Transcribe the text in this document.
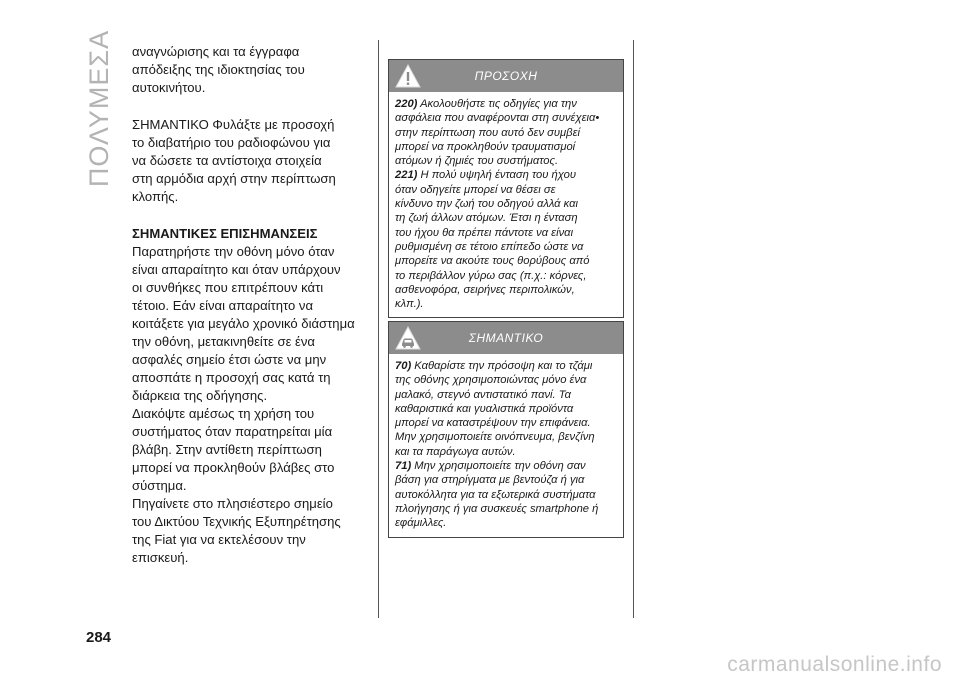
ΠΟΛΥΜΕΣΑ αναγνώρισης και τα έγγραφα

απόδειξης της ιδιοκτησίας του

αυτοκινήτου.

ΣΗΜΑΝΤΙΚΟ Φυλάξτε με προσοχή

το διαβατήριο του ραδιοφώνου για

να δώσετε τα αντίστοιχα στοιχεία

στη αρμόδια αρχή στην περίπτωση

κλοπής.

ΣΗΜΑΝΤΙΚΕΣ ΕΠΙΣΗΜΑΝΣΕΙΣ

Παρατηρήστε την οθόνη μόνο όταν

είναι απαραίτητο και όταν υπάρχουν

οι συνθήκες που επιτρέπουν κάτι

τέτοιο. Εάν είναι απαραίτητο να

κοιτάξετε για μεγάλο χρονικό διάστημα

την οθόνη, μετακινηθείτε σε ένα

ασφαλές σημείο έτσι ώστε να μην

αποσπάτε η προσοχή σας κατά τη

διάρκεια της οδήγησης.

Διακόψτε αμέσως τη χρήση του

συστήματος όταν παρατηρείται μία

βλάβη. Στην αντίθετη περίπτωση

μπορεί να προκληθούν βλάβες στο

σύστημα.

Πηγαίνετε στο πλησιέστερο σημείο

του Δικτύου Τεχνικής Εξυπηρέτησης

της Fiat για να εκτελέσουν την

επισκευή.

ΠΡΟΣΟΧΗ

220) Ακολουθήστε τις οδηγίες για την

ασφάλεια που αναφέρονται στη συνέχεια•

στην περίπτωση που αυτό δεν συμβεί

μπορεί να προκληθούν τραυματισμοί

ατόμων ή ζημιές του συστήματος.

221) Η πολύ υψηλή ένταση του ήχου

όταν οδηγείτε μπορεί να θέσει σε

κίνδυνο την ζωή του οδηγού αλλά και

τη ζωή άλλων ατόμων. Έτσι η ένταση

του ήχου θα πρέπει πάντοτε να είναι

ρυθμισμένη σε τέτοιο επίπεδο ώστε να

μπορείτε να ακούτε τους θορύβους από

το περιβάλλον γύρω σας (π.χ.: κόρνες,

ασθενοφόρα, σειρήνες περιπολικών,

κλπ.).

ΣΗΜΑΝΤΙΚΟ

70) Καθαρίστε την πρόσοψη και το τζάμι

της οθόνης χρησιμοποιώντας μόνο ένα

μαλακό, στεγνό αντιστατικό πανί. Τα

καθαριστικά και γυαλιστικά προϊόντα

μπορεί να καταστρέψουν την επιφάνεια.

Μην χρησιμοποιείτε οινόπνευμα, βενζίνη

και τα παράγωγα αυτών.

71) Μην χρησιμοποιείτε την οθόνη σαν

βάση για στηρίγματα με βεντούζα ή για

αυτοκόλλητα για τα εξωτερικά συστήματα

πλοήγησης ή για συσκευές smartphone ή

εφάμιλλες.

284
carmanualsonline.info
